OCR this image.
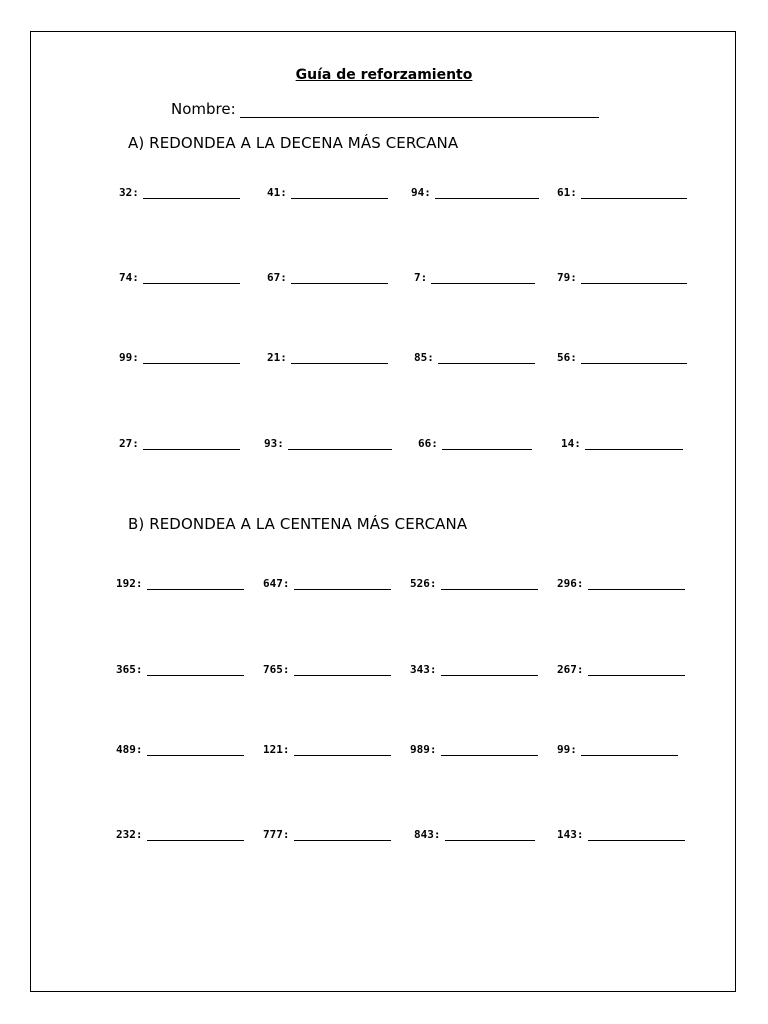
Guía de reforzamiento
Nombre:
A) REDONDEA A LA DECENA MÁS CERCANA
32:	41:	94:	61:
74:	67:	7:	79:
99:	21:	85:	56:
27:	93:	66:	14:
B) REDONDEA A LA CENTENA MÁS CERCANA
192:	647:	526:	296:
365:	765:	343:	267:
489:	121:	989:	99:
232:	777:	843:	143:
